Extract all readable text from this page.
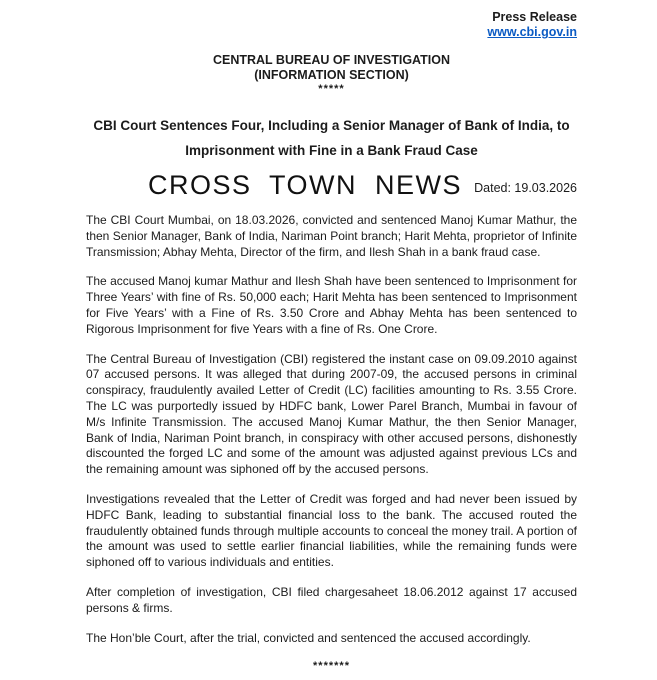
Press Release
www.cbi.gov.in
CENTRAL BUREAU OF INVESTIGATION
(INFORMATION SECTION)
*****
CBI Court Sentences Four, Including a Senior Manager of Bank of India, to Imprisonment with Fine in a Bank Fraud Case
CROSS TOWN NEWS Dated: 19.03.2026

The CBI Court Mumbai, on 18.03.2026, convicted and sentenced Manoj Kumar Mathur, the then Senior Manager, Bank of India, Nariman Point branch; Harit Mehta, proprietor of Infinite Transmission; Abhay Mehta, Director of the firm, and Ilesh Shah in a bank fraud case.

The accused Manoj kumar Mathur and Ilesh Shah have been sentenced to Imprisonment for Three Years’ with fine of Rs. 50,000 each; Harit Mehta has been sentenced to Imprisonment for Five Years’ with a Fine of Rs. 3.50 Crore and Abhay Mehta has been sentenced to Rigorous Imprisonment for five Years with a fine of Rs. One Crore.

The Central Bureau of Investigation (CBI) registered the instant case on 09.09.2010 against 07 accused persons. It was alleged that during 2007-09, the accused persons in criminal conspiracy, fraudulently availed Letter of Credit (LC) facilities amounting to Rs. 3.55 Crore. The LC was purportedly issued by HDFC bank, Lower Parel Branch, Mumbai in favour of M/s Infinite Transmission. The accused Manoj Kumar Mathur, the then Senior Manager, Bank of India, Nariman Point branch, in conspiracy with other accused persons, dishonestly discounted the forged LC and some of the amount was adjusted against previous LCs and the remaining amount was siphoned off by the accused persons.

Investigations revealed that the Letter of Credit was forged and had never been issued by HDFC Bank, leading to substantial financial loss to the bank. The accused routed the fraudulently obtained funds through multiple accounts to conceal the money trail. A portion of the amount was used to settle earlier financial liabilities, while the remaining funds were siphoned off to various individuals and entities.

After completion of investigation, CBI filed chargesaheet 18.06.2012 against 17 accused persons & firms.

The Hon’ble Court, after the trial, convicted and sentenced the accused accordingly.

*******
